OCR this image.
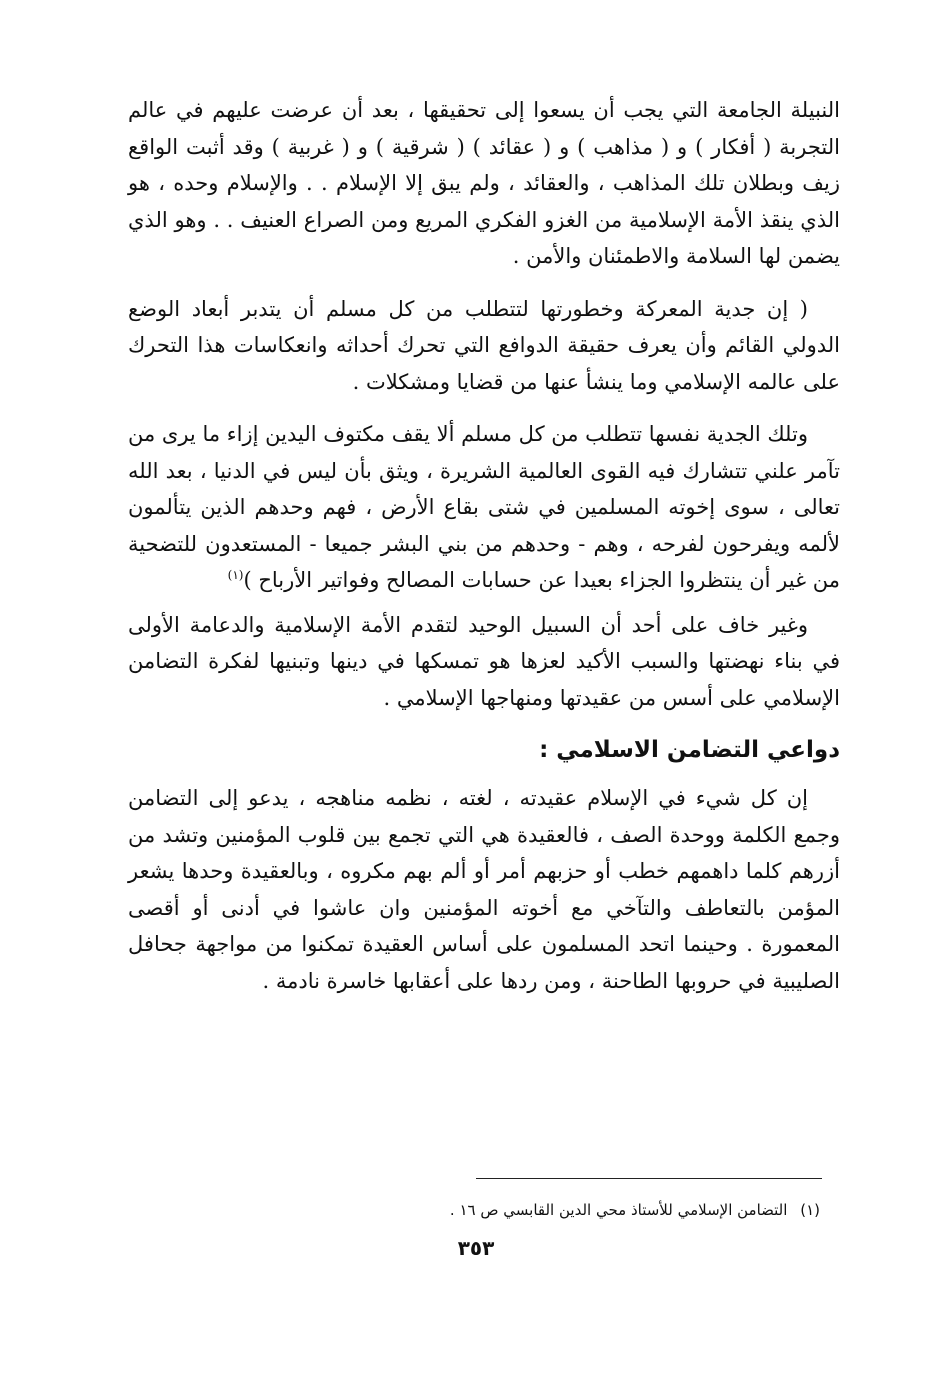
النبيلة الجامعة التي يجب أن يسعوا إلى تحقيقها ، بعد أن عرضت عليهم في عالم التجربة ( أفكار ) و ( مذاهب ) و ( عقائد ) ( شرقية ) و ( غربية ) وقد أثبت الواقع زيف وبطلان تلك المذاهب ، والعقائد ، ولم يبق إلا الإسلام . . والإسلام وحده ، هو الذي ينقذ الأمة الإسلامية من الغزو الفكري المريع ومن الصراع العنيف . . وهو الذي يضمن لها السلامة والاطمئنان والأمن .

( إن جدية المعركة وخطورتها لتتطلب من كل مسلم أن يتدبر أبعاد الوضع الدولي القائم وأن يعرف حقيقة الدوافع التي تحرك أحداثه وانعكاسات هذا التحرك على عالمه الإسلامي وما ينشأ عنها من قضايا ومشكلات .

وتلك الجدية نفسها تتطلب من كل مسلم ألا يقف مكتوف اليدين إزاء ما يرى من تآمر علني تتشارك فيه القوى العالمية الشريرة ، ويثق بأن ليس في الدنيا ، بعد الله تعالى ، سوى إخوته المسلمين في شتى بقاع الأرض ، فهم وحدهم الذين يتألمون لألمه ويفرحون لفرحه ، وهم - وحدهم من بني البشر جميعا - المستعدون للتضحية من غير أن ينتظروا الجزاء بعيدا عن حسابات المصالح وفواتير الأرباح )$^{(١)}$

وغير خاف على أحد أن السبيل الوحيد لتقدم الأمة الإسلامية والدعامة الأولى في بناء نهضتها والسبب الأكيد لعزها هو تمسكها في دينها وتبنيها لفكرة التضامن الإسلامي على أسس من عقيدتها ومنهاجها الإسلامي .

دواعي التضامن الاسلامي :

إن كل شيء في الإسلام عقيدته ، لغته ، نظمه مناهجه ، يدعو إلى التضامن وجمع الكلمة ووحدة الصف ، فالعقيدة هي التي تجمع بين قلوب المؤمنين وتشد من أزرهم كلما داهمهم خطب أو حزبهم أمر أو ألم بهم مكروه ، وبالعقيدة وحدها يشعر المؤمن بالتعاطف والتآخي مع أخوته المؤمنين وان عاشوا في أدنى أو أقصى المعمورة . وحينما اتحد المسلمون على أساس العقيدة تمكنوا من مواجهة جحافل الصليبية في حروبها الطاحنة ، ومن ردها على أعقابها خاسرة نادمة .

(١) التضامن الإسلامي للأستاذ محي الدين القابسي ص ١٦ .
٣٥٣
